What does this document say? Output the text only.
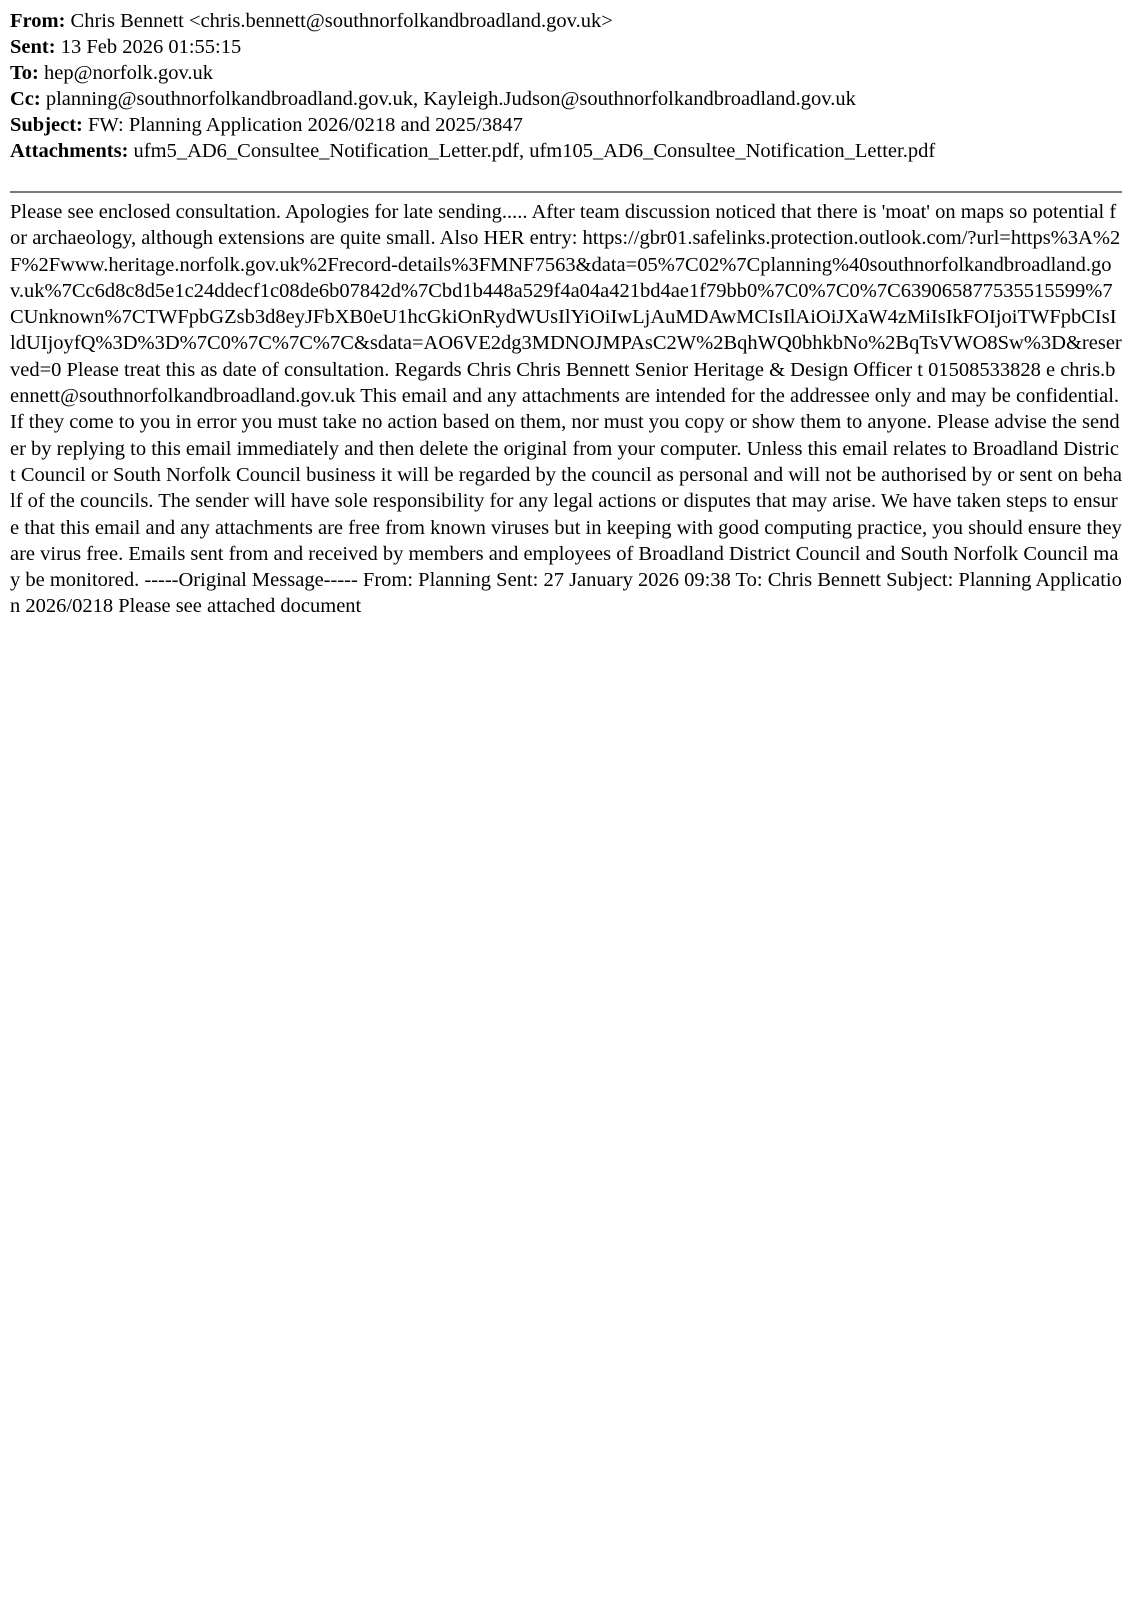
From: Chris Bennett <chris.bennett@southnorfolkandbroadland.gov.uk>
Sent: 13 Feb 2026 01:55:15
To: hep@norfolk.gov.uk
Cc: planning@southnorfolkandbroadland.gov.uk, Kayleigh.Judson@southnorfolkandbroadland.gov.uk
Subject: FW: Planning Application 2026/0218 and 2025/3847
Attachments: ufm5_AD6_Consultee_Notification_Letter.pdf, ufm105_AD6_Consultee_Notification_Letter.pdf
Please see enclosed consultation. Apologies for late sending..... After team discussion noticed that there is 'moat' on maps so potential for archaeology, although extensions are quite small. Also HER entry: https://gbr01.safelinks.protection.outlook.com/?url=https%3A%2F%2Fwww.heritage.norfolk.gov.uk%2Frecord-details%3FMNF7563&data=05%7C02%7Cplanning%40southnorfolkandbroadland.gov.uk%7Cc6d8c8d5e1c24ddecf1c08de6b07842d%7Cbd1b448a529f4a04a421bd4ae1f79bb0%7C0%7C0%7C639065877535515599%7CUnknown%7CTWFpbGZsb3d8eyJFbXB0eU1hcGkiOnRydWUsIlYiOiIwLjAuMDAwMCIsIlAiOiJXaW4zMiIsIkFOIjoiTWFpbCIsIldUIjoyfQ%3D%3D%7C0%7C%7C%7C&sdata=AO6VE2dg3MDNOJMPAsC2W%2BqhWQ0bhkbNo%2BqTsVWO8Sw%3D&reserved=0 Please treat this as date of consultation. Regards Chris Chris Bennett Senior Heritage & Design Officer t 01508533828 e chris.bennett@southnorfolkandbroadland.gov.uk This email and any attachments are intended for the addressee only and may be confidential. If they come to you in error you must take no action based on them, nor must you copy or show them to anyone. Please advise the sender by replying to this email immediately and then delete the original from your computer. Unless this email relates to Broadland District Council or South Norfolk Council business it will be regarded by the council as personal and will not be authorised by or sent on behalf of the councils. The sender will have sole responsibility for any legal actions or disputes that may arise. We have taken steps to ensure that this email and any attachments are free from known viruses but in keeping with good computing practice, you should ensure they are virus free. Emails sent from and received by members and employees of Broadland District Council and South Norfolk Council may be monitored. -----Original Message----- From: Planning Sent: 27 January 2026 09:38 To: Chris Bennett Subject: Planning Application 2026/0218 Please see attached document
